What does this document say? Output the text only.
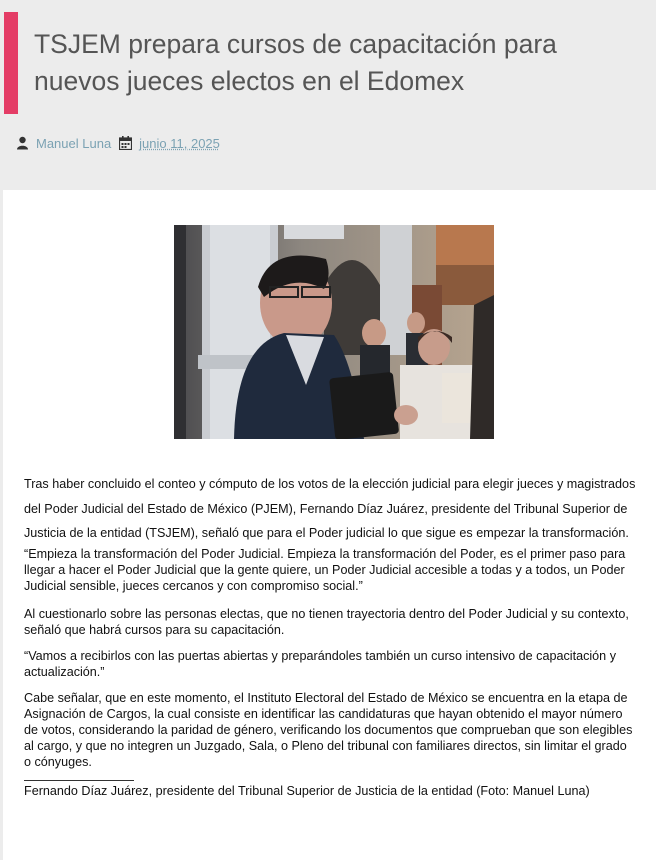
TSJEM prepara cursos de capacitación para nuevos jueces electos en el Edomex
Manuel Luna junio 11, 2025

Tras haber concluido el conteo y cómputo de los votos de la elección judicial para elegir jueces y magistrados del Poder Judicial del Estado de México (PJEM), Fernando Díaz Juárez, presidente del Tribunal Superior de Justicia de la entidad (TSJEM), señaló que para el Poder judicial lo que sigue es empezar la transformación.

“Empieza la transformación del Poder Judicial. Empieza la transformación del Poder, es el primer paso para llegar a hacer el Poder Judicial que la gente quiere, un Poder Judicial accesible a todas y a todos, un Poder Judicial sensible, jueces cercanos y con compromiso social.”

Al cuestionarlo sobre las personas electas, que no tienen trayectoria dentro del Poder Judicial y su contexto, señaló que habrá cursos para su capacitación.

“Vamos a recibirlos con las puertas abiertas y preparándoles también un curso intensivo de capacitación y actualización.”

Cabe señalar, que en este momento, el Instituto Electoral del Estado de México se encuentra en la etapa de Asignación de Cargos, la cual consiste en identificar las candidaturas que hayan obtenido el mayor número de votos, considerando la paridad de género, verificando los documentos que comprueban que son elegibles al cargo, y que no integren un Juzgado, Sala, o Pleno del tribunal con familiares directos, sin limitar el grado o cónyuges.

Fernando Díaz Juárez, presidente del Tribunal Superior de Justicia de la entidad (Foto: Manuel Luna)
